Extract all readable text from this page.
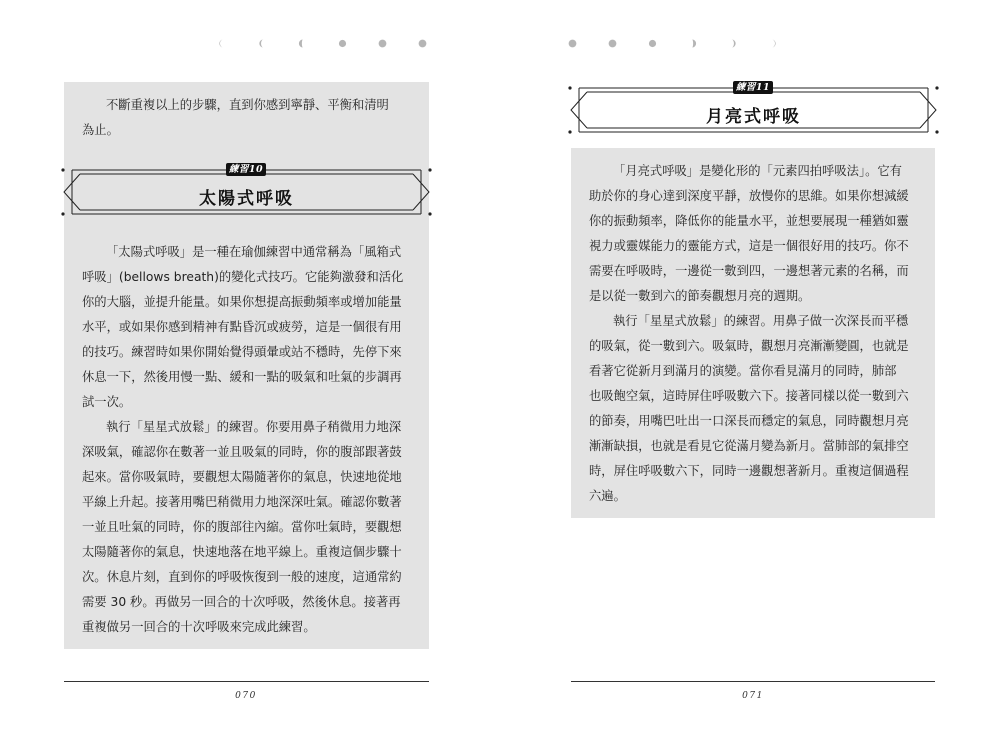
不斷重複以上的步驟，直到你感到寧靜、平衡和清明
為止。
練習10
太陽式呼吸
「太陽式呼吸」是一種在瑜伽練習中通常稱為「風箱式
呼吸」(bellows breath)的變化式技巧。它能夠激發和活化
你的大腦，並提升能量。如果你想提高振動頻率或增加能量
水平，或如果你感到精神有點昏沉或疲勞，這是一個很有用
的技巧。練習時如果你開始覺得頭暈或站不穩時，先停下來
休息一下，然後用慢一點、緩和一點的吸氣和吐氣的步調再
試一次。
執行「星星式放鬆」的練習。你要用鼻子稍微用力地深
深吸氣，確認你在數著一並且吸氣的同時，你的腹部跟著鼓
起來。當你吸氣時，要觀想太陽隨著你的氣息，快速地從地
平線上升起。接著用嘴巴稍微用力地深深吐氣。確認你數著
一並且吐氣的同時，你的腹部往內縮。當你吐氣時，要觀想
太陽隨著你的氣息，快速地落在地平線上。重複這個步驟十
次。休息片刻，直到你的呼吸恢復到一般的速度，這通常約
需要 30 秒。再做另一回合的十次呼吸，然後休息。接著再
重複做另一回合的十次呼吸來完成此練習。
070
練習11
月亮式呼吸
「月亮式呼吸」是變化形的「元素四拍呼吸法」。它有
助於你的身心達到深度平靜，放慢你的思維。如果你想減緩
你的振動頻率，降低你的能量水平，並想要展現一種猶如靈
視力或靈媒能力的靈能方式，這是一個很好用的技巧。你不
需要在呼吸時，一邊從一數到四，一邊想著元素的名稱，而
是以從一數到六的節奏觀想月亮的週期。
執行「星星式放鬆」的練習。用鼻子做一次深長而平穩
的吸氣，從一數到六。吸氣時，觀想月亮漸漸變圓，也就是
看著它從新月到滿月的演變。當你看見滿月的同時，肺部
也吸飽空氣，這時屏住呼吸數六下。接著同樣以從一數到六
的節奏，用嘴巴吐出一口深長而穩定的氣息，同時觀想月亮
漸漸缺損，也就是看見它從滿月變為新月。當肺部的氣排空
時，屏住呼吸數六下，同時一邊觀想著新月。重複這個過程
六遍。
071
